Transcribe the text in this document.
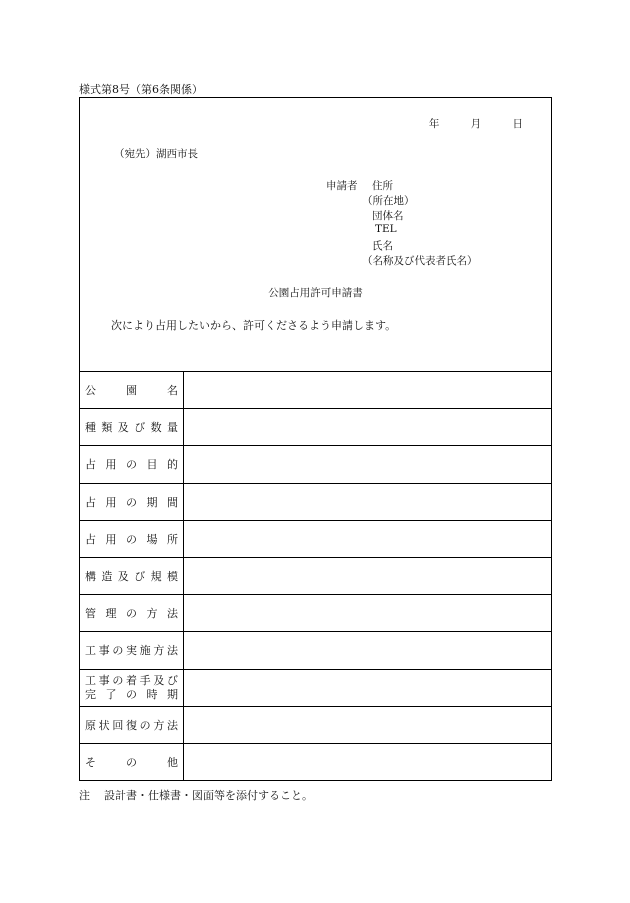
様式第8号（第6条関係）
年	月	日
（宛先）湖西市長
申請者 住所
（所在地）
団体名
TEL
氏名
（名称及び代表者氏名）
公園占用許可申請書
次により占用したいから、許可くださるよう申請します。
公園名
種類及び数量
占用の目的
占用の期間
占用の場所
構造及び規模
管理の方法
工事の実施方法
工事の着手及び
完了の時期
原状回復の方法
その他
注 設計書・仕様書・図面等を添付すること。
